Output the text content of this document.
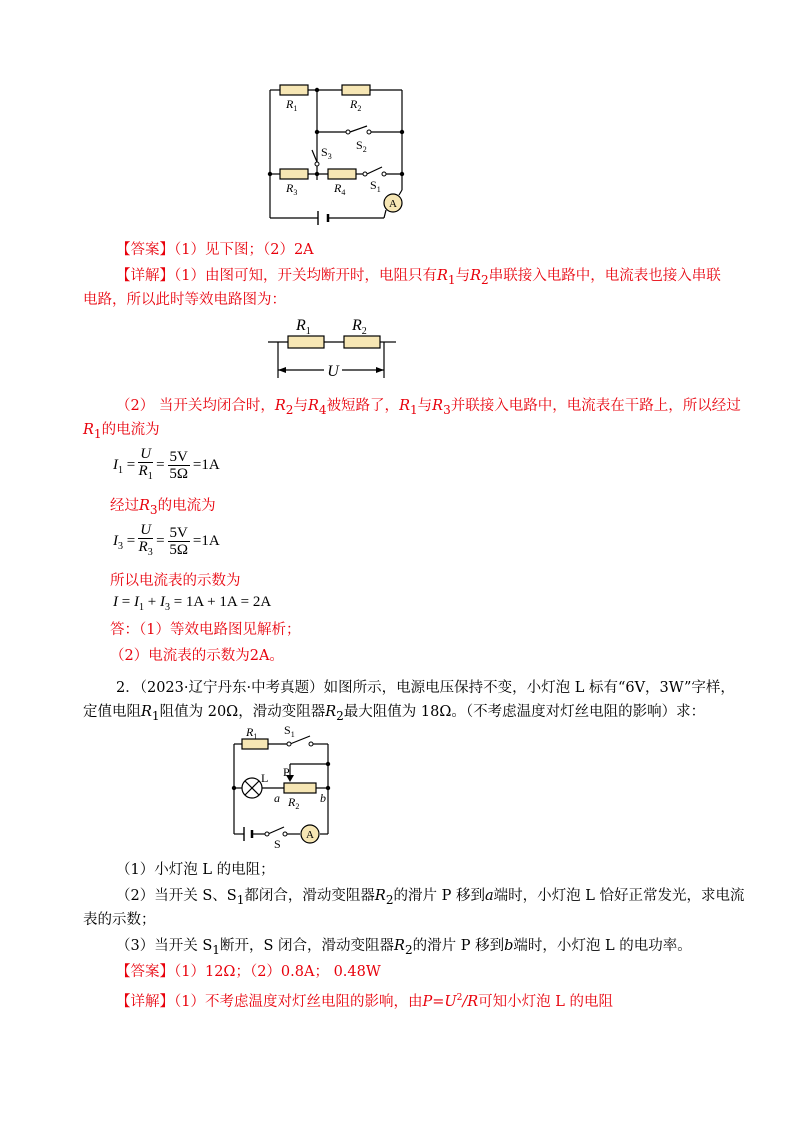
A
$R_1$	$R_2$
$R_3$	$R_4$
$S_1$
$S_2$
$S_3$
【答案】（1）见下图；（2）2A
【详解】（1）由图可知，开关均断开时，电阻只有$R_1$与$R_2$串联接入电路中，电流表也接入串联
电路，所以此时等效电路图为：
$R_1$	$R_2$
U
（2） 当开关均闭合时，$R_2$与$R_4$被短路了，$R_1$与$R_3$并联接入电路中，电流表在干路上，所以经过
$R_1$的电流为
$I_1 = \frac{U}{R_1} = \frac{5V}{5\Omega} =1A$
经过$R_3$的电流为
$I_3 = \frac{U}{R_3} = \frac{5V}{5\Omega} =1A$
所以电流表的示数为
$I = I_1 + I_3 = 1A + 1A = 2A$
答：（1）等效电路图见解析；
（2）电流表的示数为2A。
2．（2023·辽宁丹东·中考真题）如图所示，电源电压保持不变，小灯泡 L 标有“6V，3W”字样，
定值电阻$R_1$阻值为 20Ω，滑动变阻器$R_2$最大阻值为 18Ω。（不考虑温度对灯丝电阻的影响）求：
A
$R_1$ $S_1$
L P
a	b
$R_2$
S
（1）小灯泡 L 的电阻；
（2）当开关 S、$S_1$都闭合，滑动变阻器$R_2$的滑片 P 移到a端时，小灯泡 L 恰好正常发光，求电流
表的示数；
（3）当开关 $S_1$断开，S 闭合，滑动变阻器$R_2$的滑片 P 移到b端时，小灯泡 L 的电功率。
【答案】（1）12Ω；（2）0.8A； 0.48W
【详解】（1）不考虑温度对灯丝电阻的影响，由$P=U^2/R$可知小灯泡 L 的电阻
